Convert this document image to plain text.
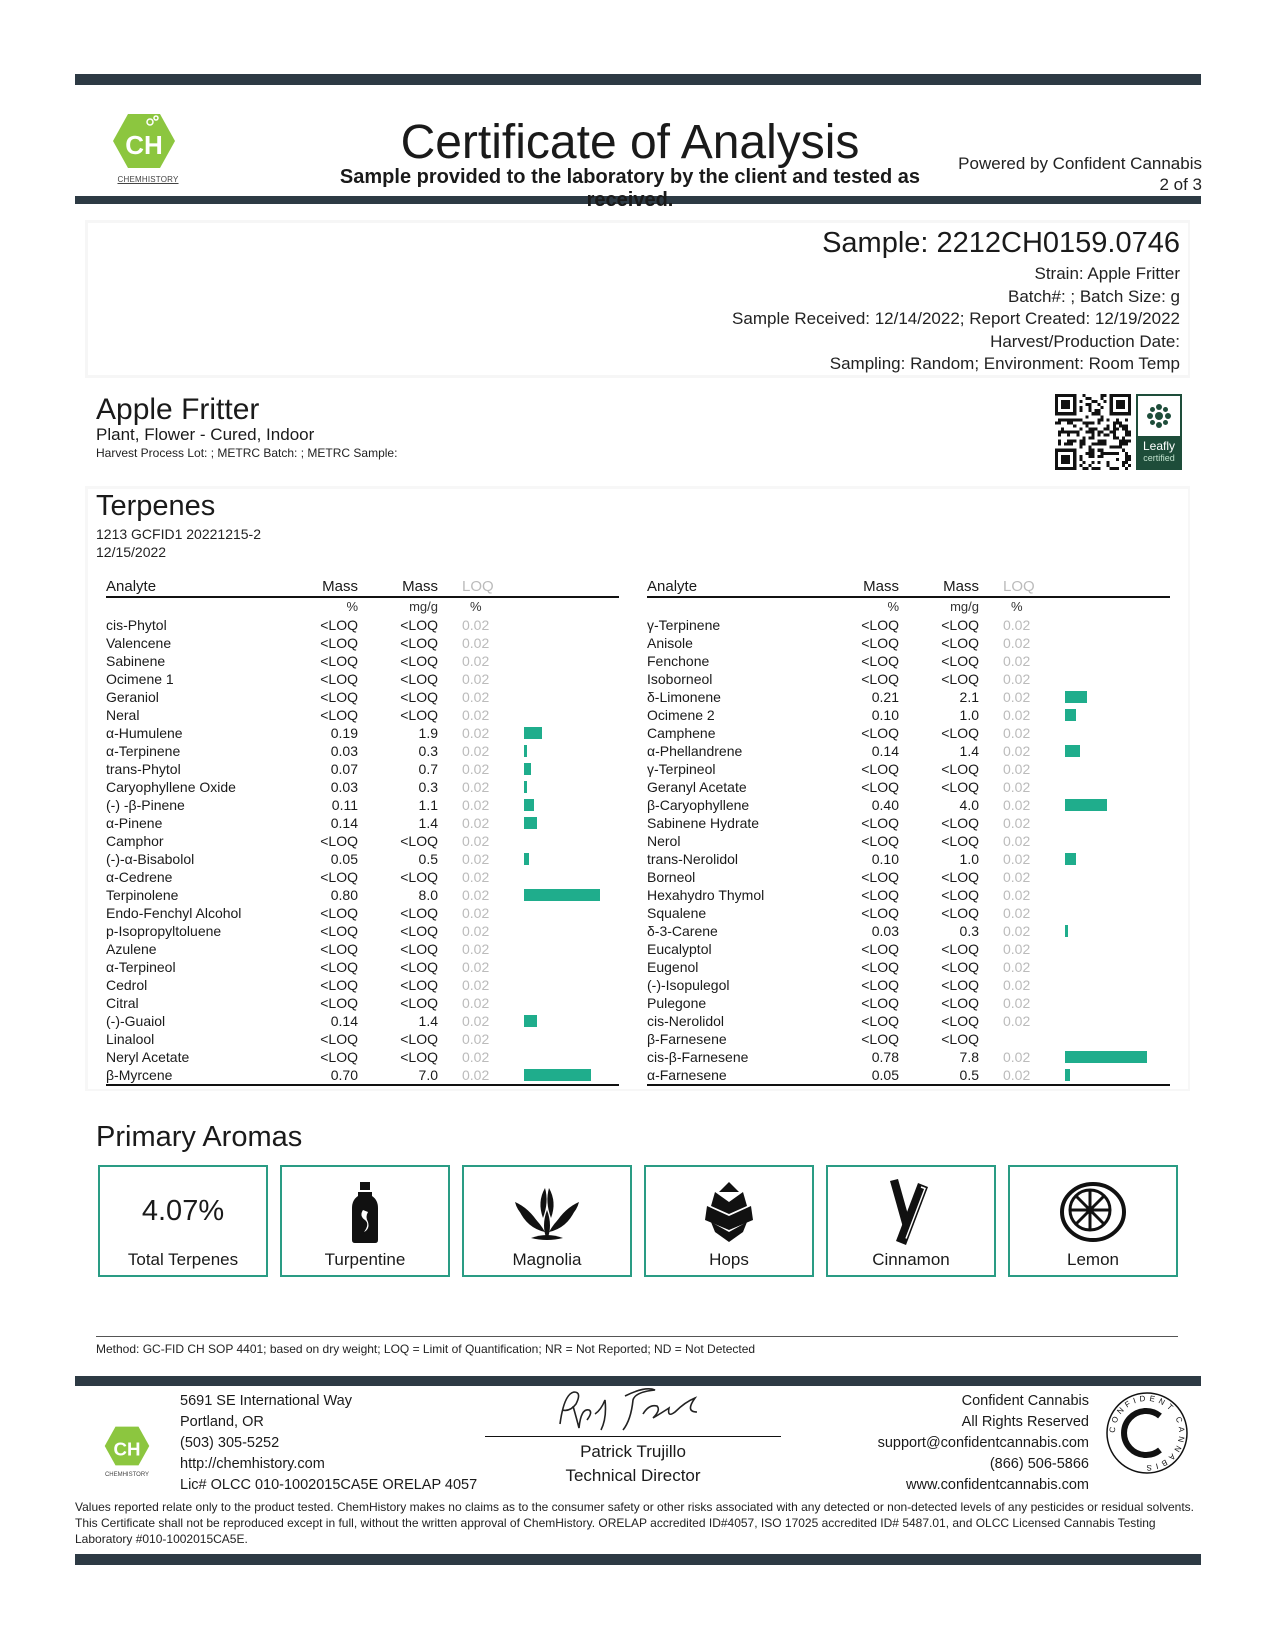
CH
CHEMHISTORY
Certificate of Analysis
Sample provided to the laboratory by the client and tested as received.
Powered by Confident Cannabis
2 of 3
Sample: 2212CH0159.0746
Strain: Apple Fritter
Batch#: ; Batch Size: g
Sample Received: 12/14/2022; Report Created: 12/19/2022
Harvest/Production Date:
Sampling: Random; Environment: Room Temp
Apple Fritter
Plant, Flower - Cured, Indoor
Harvest Process Lot: ; METRC Batch: ; METRC Sample:	Leafly
certified
Terpenes
1213 GCFID1 20221215-2
12/15/2022
Analyte	Mass	Mass	LOQ	
	%	mg/g	%	
cis-Phytol	<LOQ	<LOQ	0.02	
Valencene	<LOQ	<LOQ	0.02	
Sabinene	<LOQ	<LOQ	0.02	
Ocimene 1	<LOQ	<LOQ	0.02	
Geraniol	<LOQ	<LOQ	0.02	
Neral	<LOQ	<LOQ	0.02	
α-Humulene	0.19	1.9	0.02	

α-Terpinene	0.03	0.3	0.02	

trans-Phytol	0.07	0.7	0.02	

Caryophyllene Oxide	0.03	0.3	0.02	

(-) -β-Pinene	0.11	1.1	0.02	

α-Pinene	0.14	1.4	0.02	

Camphor	<LOQ	<LOQ	0.02	
(-)-α-Bisabolol	0.05	0.5	0.02	

α-Cedrene	<LOQ	<LOQ	0.02	
Terpinolene	0.80	8.0	0.02	

Endo-Fenchyl Alcohol	<LOQ	<LOQ	0.02	
p-Isopropyltoluene	<LOQ	<LOQ	0.02	
Azulene	<LOQ	<LOQ	0.02	
α-Terpineol	<LOQ	<LOQ	0.02	
Cedrol	<LOQ	<LOQ	0.02	
Citral	<LOQ	<LOQ	0.02	
(-)-Guaiol	0.14	1.4	0.02	

Linalool	<LOQ	<LOQ	0.02	
Neryl Acetate	<LOQ	<LOQ	0.02	
β-Myrcene	0.70	7.0	0.02	
Analyte	Mass	Mass	LOQ	
	%	mg/g	%	
γ-Terpinene	<LOQ	<LOQ	0.02	
Anisole	<LOQ	<LOQ	0.02	
Fenchone	<LOQ	<LOQ	0.02	
Isoborneol	<LOQ	<LOQ	0.02	
δ-Limonene	0.21	2.1	0.02	

Ocimene 2	0.10	1.0	0.02	

Camphene	<LOQ	<LOQ	0.02	
α-Phellandrene	0.14	1.4	0.02	

γ-Terpineol	<LOQ	<LOQ	0.02	
Geranyl Acetate	<LOQ	<LOQ	0.02	
β-Caryophyllene	0.40	4.0	0.02	

Sabinene Hydrate	<LOQ	<LOQ	0.02	
Nerol	<LOQ	<LOQ	0.02	
trans-Nerolidol	0.10	1.0	0.02	

Borneol	<LOQ	<LOQ	0.02	
Hexahydro Thymol	<LOQ	<LOQ	0.02	
Squalene	<LOQ	<LOQ	0.02	
δ-3-Carene	0.03	0.3	0.02	

Eucalyptol	<LOQ	<LOQ	0.02	
Eugenol	<LOQ	<LOQ	0.02	
(-)-Isopulegol	<LOQ	<LOQ	0.02	
Pulegone	<LOQ	<LOQ	0.02	
cis-Nerolidol	<LOQ	<LOQ	0.02	
β-Farnesene	<LOQ	<LOQ		
cis-β-Farnesene	0.78	7.8	0.02	

α-Farnesene	0.05	0.5	0.02	
Primary Aromas
4.07%
Total Terpenes	Turpentine	Magnolia	Hops	Cinnamon	Lemon
Method: GC-FID CH SOP 4401; based on dry weight; LOQ = Limit of Quantification; NR = Not Reported; ND = Not Detected
CH
CHEMHISTORY
5691 SE International Way
Portland, OR
(503) 305-5252
http://chemhistory.com
Lic# OLCC 010-1002015CA5E ORELAP 4057
Patrick Trujillo
Technical Director
Confident Cannabis
All Rights Reserved
support@confidentcannabis.com
(866) 506-5866
www.confidentcannabis.com
CONFIDENT CANNABIS
Values reported relate only to the product tested. ChemHistory makes no claims as to the consumer safety or other risks associated with any detected or non-detected levels of any pesticides or residual solvents. This Certificate shall not be reproduced except in full, without the written approval of ChemHistory. ORELAP accredited ID#4057, ISO 17025 accredited ID# 5487.01, and OLCC Licensed Cannabis Testing Laboratory #010-1002015CA5E.
